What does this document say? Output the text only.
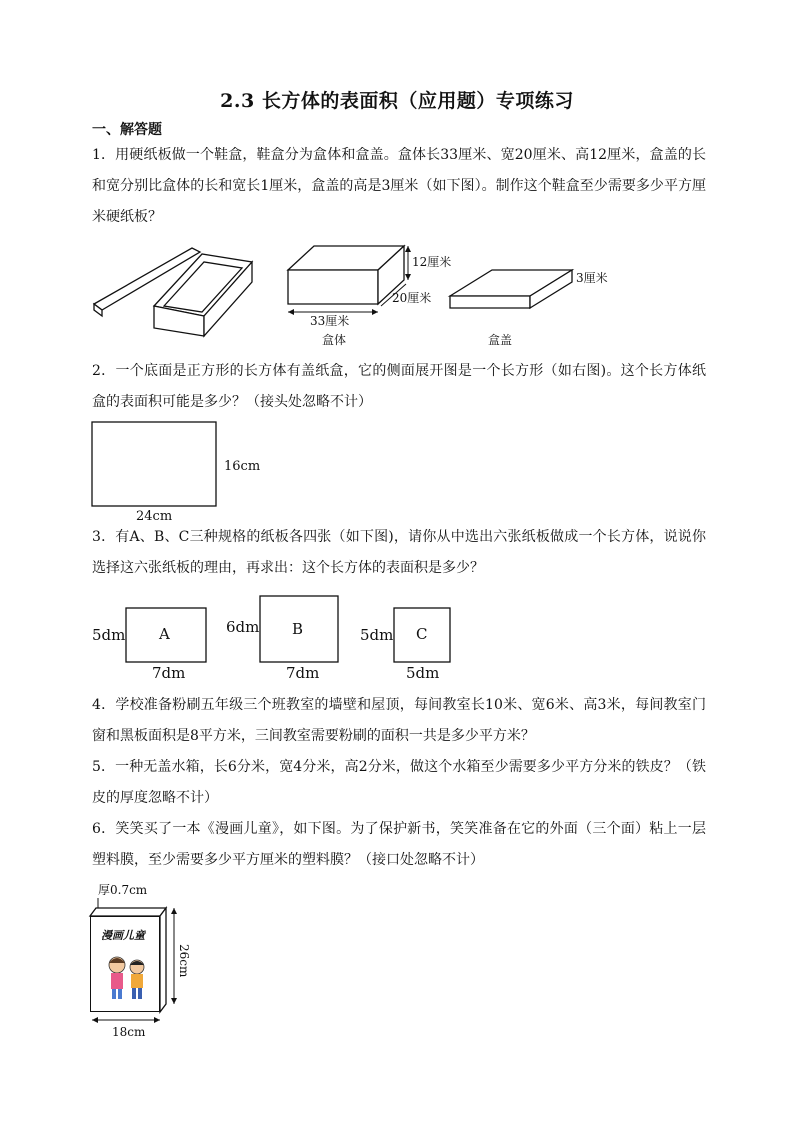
2.3 长方体的表面积（应用题）专项练习
一、解答题
1．用硬纸板做一个鞋盒，鞋盒分为盒体和盒盖。盒体长33厘米、宽20厘米、高12厘米，盒盖的长和宽分别比盒体的长和宽长1厘米，盒盖的高是3厘米（如下图）。制作这个鞋盒至少需要多少平方厘米硬纸板？
12厘米
20厘米
33厘米
盒体
3厘米
盒盖
2．一个底面是正方形的长方体有盖纸盒，它的侧面展开图是一个长方形（如右图)。这个长方体纸盒的表面积可能是多少？（接头处忽略不计）
16cm
24cm
3．有A、B、C三种规格的纸板各四张（如下图)，请你从中选出六张纸板做成一个长方体，说说你选择这六张纸板的理由，再求出：这个长方体的表面积是多少？
A
5dm
7dm
B
6dm
7dm
C
5dm
5dm
4．学校准备粉刷五年级三个班教室的墙壁和屋顶，每间教室长10米、宽6米、高3米，每间教室门窗和黑板面积是8平方米，三间教室需要粉刷的面积一共是多少平方米？
5．一种无盖水箱，长6分米，宽4分米，高2分米，做这个水箱至少需要多少平方分米的铁皮？（铁皮的厚度忽略不计）
6．笑笑买了一本《漫画儿童》，如下图。为了保护新书，笑笑准备在它的外面（三个面）粘上一层塑料膜，至少需要多少平方厘米的塑料膜？（接口处忽略不计）
厚0.7cm
26cm
18cm
漫画儿童
